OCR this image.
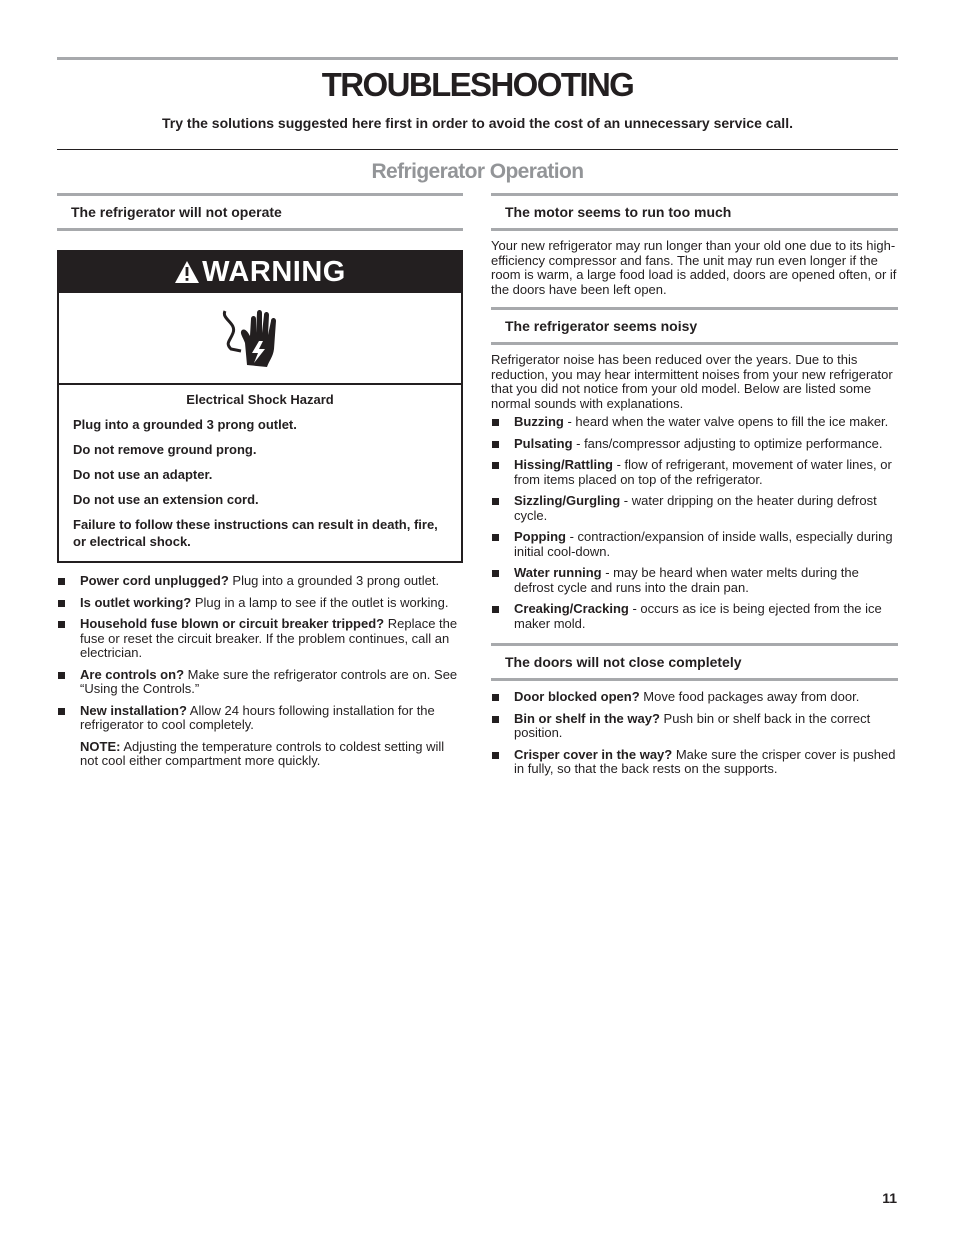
TROUBLESHOOTING

Try the solutions suggested here first in order to avoid the cost of an unnecessary service call.

Refrigerator Operation
The refrigerator will not operate
WARNING

Electrical Shock Hazard

Plug into a grounded 3 prong outlet.

Do not remove ground prong.

Do not use an adapter.

Do not use an extension cord.

Failure to follow these instructions can result in death, fire, or electrical shock.

Power cord unplugged? Plug into a grounded 3 prong outlet.
Is outlet working? Plug in a lamp to see if the outlet is working.
Household fuse blown or circuit breaker tripped? Replace the fuse or reset the circuit breaker. If the problem continues, call an electrician.
Are controls on? Make sure the refrigerator controls are on. See “Using the Controls.”
New installation? Allow 24 hours following installation for the refrigerator to cool completely.

NOTE: Adjusting the temperature controls to coldest setting will not cool either compartment more quickly.

The motor seems to run too much

Your new refrigerator may run longer than your old one due to its high-efficiency compressor and fans. The unit may run even longer if the room is warm, a large food load is added, doors are opened often, or if the doors have been left open.

The refrigerator seems noisy

Refrigerator noise has been reduced over the years. Due to this reduction, you may hear intermittent noises from your new refrigerator that you did not notice from your old model. Below are listed some normal sounds with explanations.

Buzzing - heard when the water valve opens to fill the ice maker.
Pulsating - fans/compressor adjusting to optimize performance.
Hissing/Rattling - flow of refrigerant, movement of water lines, or from items placed on top of the refrigerator.
Sizzling/Gurgling - water dripping on the heater during defrost cycle.
Popping - contraction/expansion of inside walls, especially during initial cool-down.
Water running - may be heard when water melts during the defrost cycle and runs into the drain pan.
Creaking/Cracking - occurs as ice is being ejected from the ice maker mold.
The doors will not close completely
Door blocked open? Move food packages away from door.
Bin or shelf in the way? Push bin or shelf back in the correct position.
Crisper cover in the way? Make sure the crisper cover is pushed in fully, so that the back rests on the supports.

11
